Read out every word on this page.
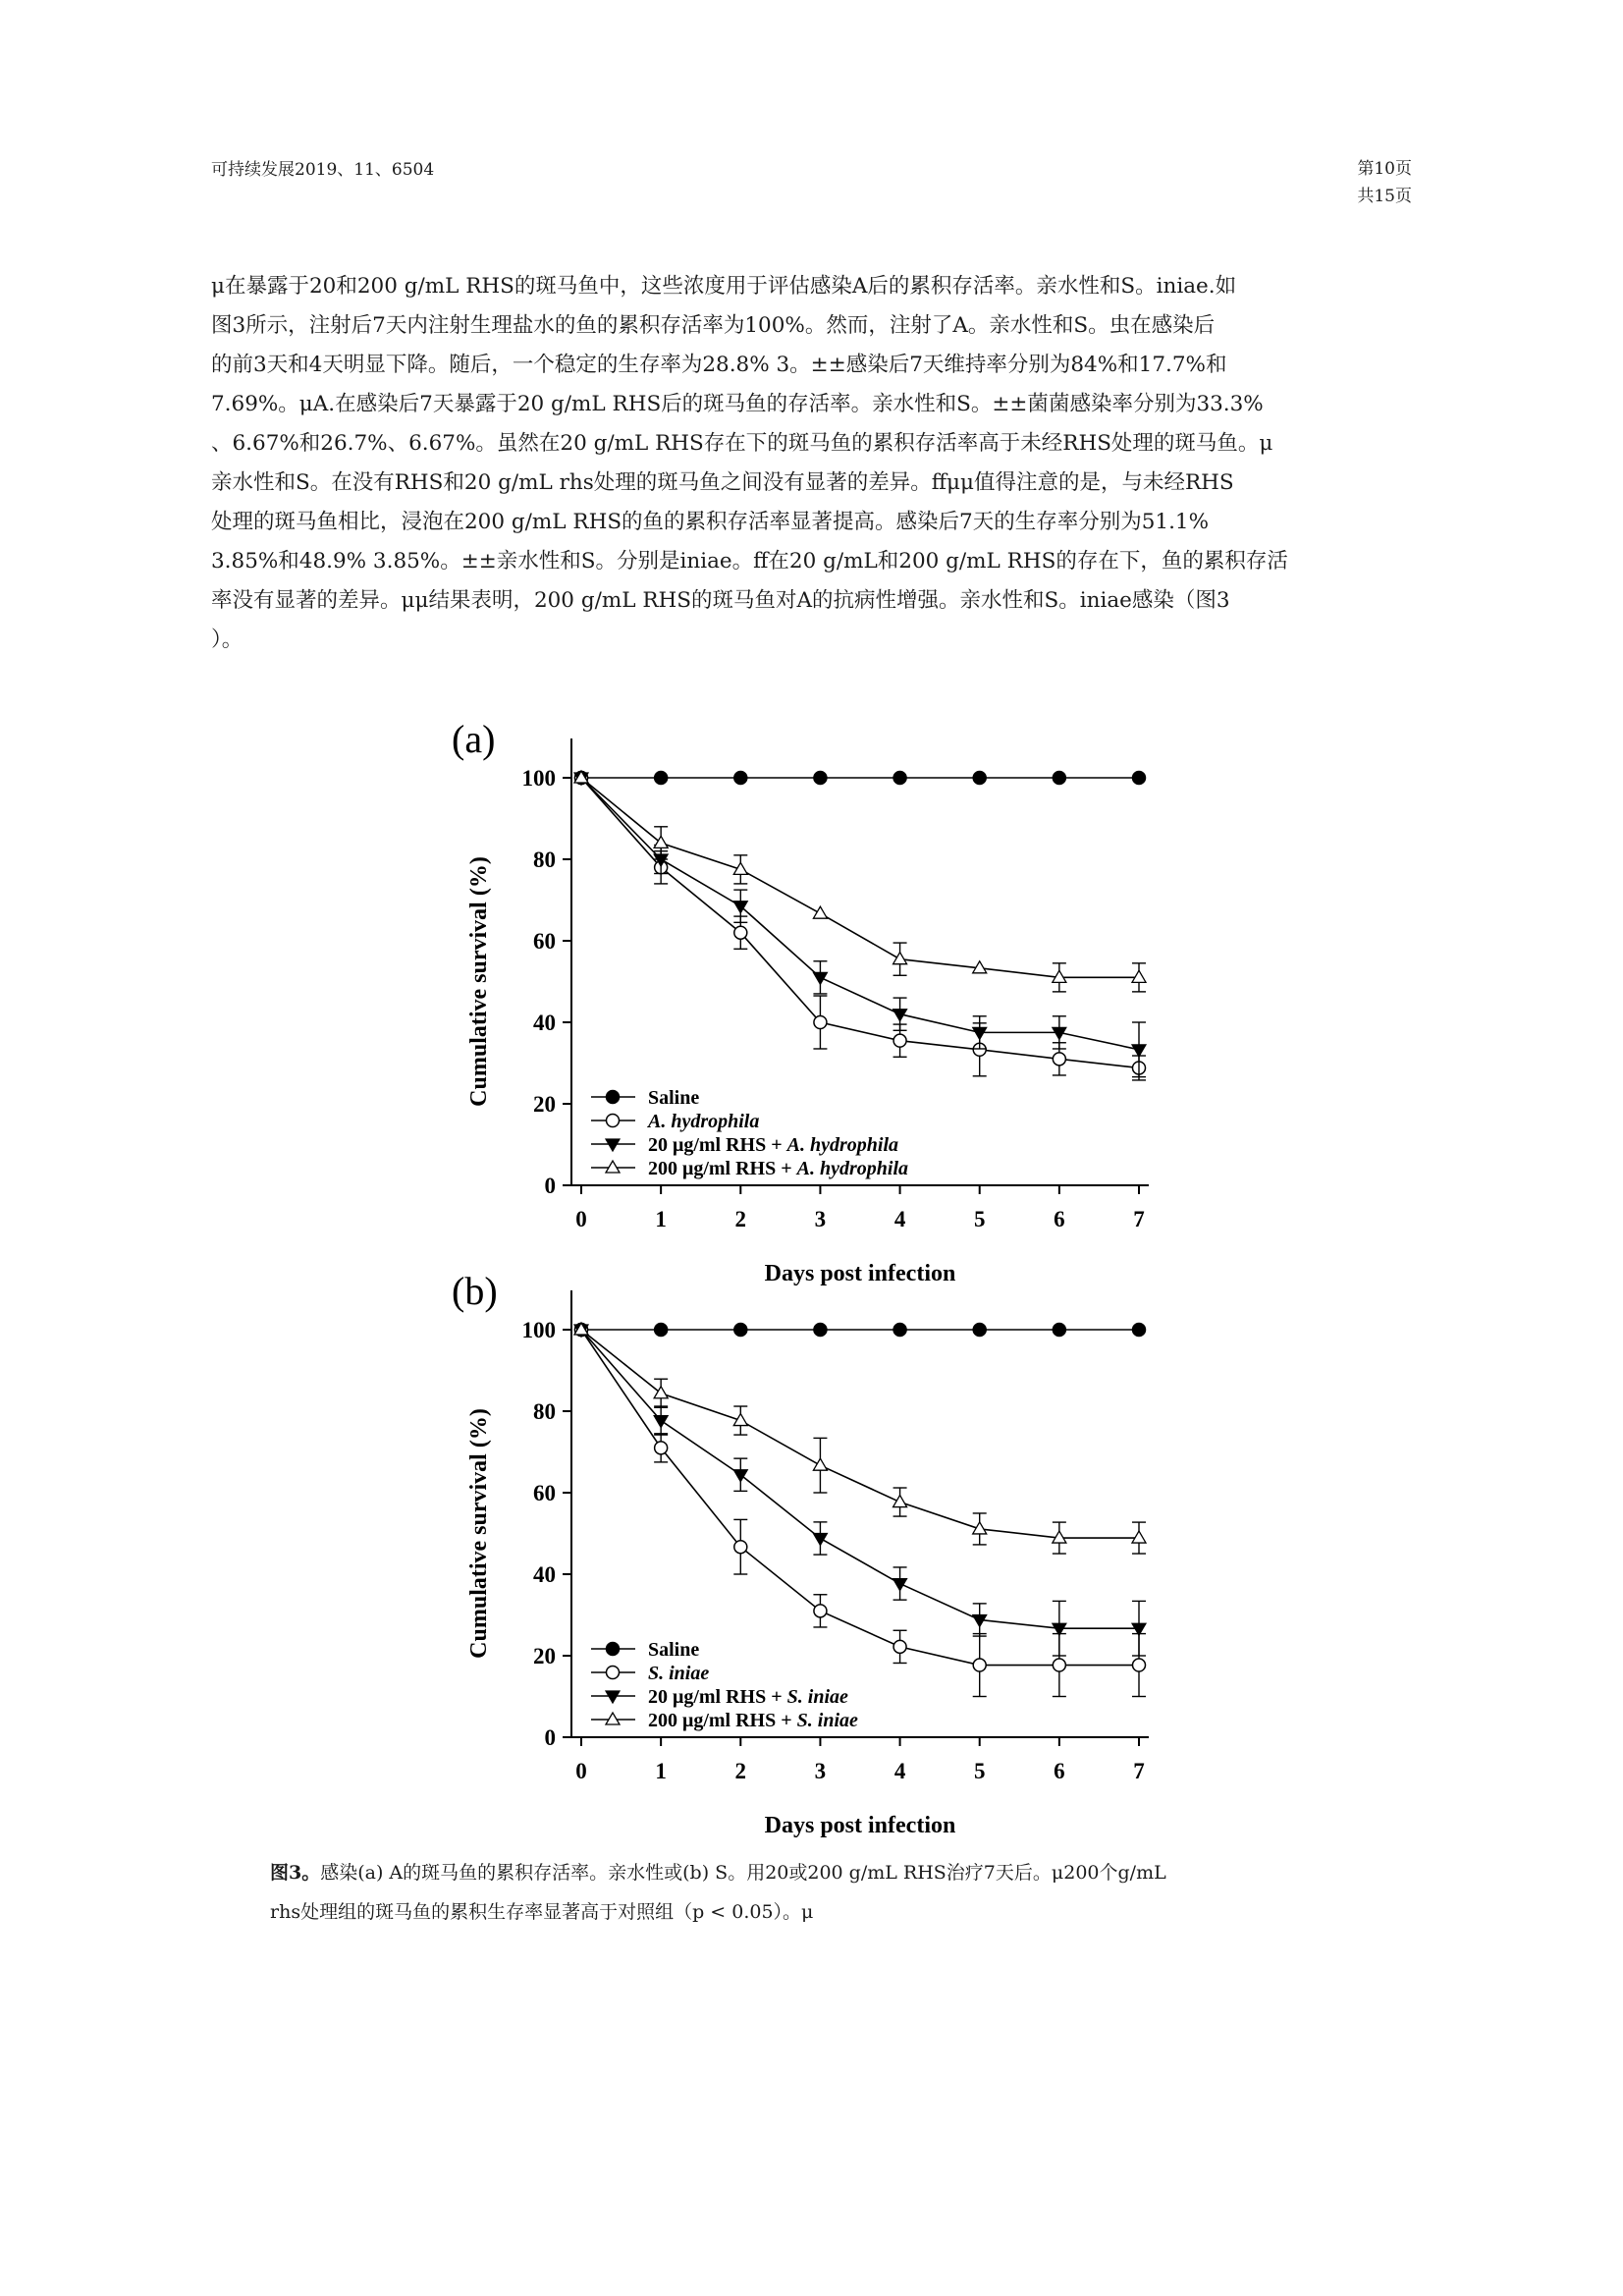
可持续发展2019、11、6504	第10页
共15页

μ在暴露于20和200 g/mL RHS的斑马鱼中，这些浓度用于评估感染A后的累积存活率。亲水性和S。iniae.如

图3所示，注射后7天内注射生理盐水的鱼的累积存活率为100%。然而，注射了A。亲水性和S。虫在感染后

的前3天和4天明显下降。随后，一个稳定的生存率为28.8% 3。±±感染后7天维持率分别为84%和17.7%和

7.69%。μA.在感染后7天暴露于20 g/mL RHS后的斑马鱼的存活率。亲水性和S。±±菌菌感染率分别为33.3%

、6.67%和26.7%、6.67%。虽然在20 g/mL RHS存在下的斑马鱼的累积存活率高于未经RHS处理的斑马鱼。μ

亲水性和S。在没有RHS和20 g/mL rhs处理的斑马鱼之间没有显著的差异。ffμμ值得注意的是，与未经RHS

处理的斑马鱼相比，浸泡在200 g/mL RHS的鱼的累积存活率显著提高。感染后7天的生存率分别为51.1%

3.85%和48.9% 3.85%。±±亲水性和S。分别是iniae。ff在20 g/mL和200 g/mL RHS的存在下，鱼的累积存活

率没有显著的差异。μμ结果表明，200 g/mL RHS的斑马鱼对A的抗病性增强。亲水性和S。iniae感染（图3

）。

(a)
0
20
40
60
80
100
0	1	2	3	4	5	6	7
Days post infection
Cumulative survival (%)	Saline
A. hydrophila
20 μg/ml RHS + A. hydrophila
200 μg/ml RHS + A. hydrophila
(b)
0
20
40
60
80
100
0	1	2	3	4	5	6	7
Days post infection
Cumulative survival (%)	Saline
S. iniae
20 μg/ml RHS + S. iniae
200 μg/ml RHS + S. iniae

图3。感染(a) A的斑马鱼的累积存活率。亲水性或(b) S。用20或200 g/mL RHS治疗7天后。μ200个g/mL

rhs处理组的斑马鱼的累积生存率显著高于对照组（p < 0.05）。μ
